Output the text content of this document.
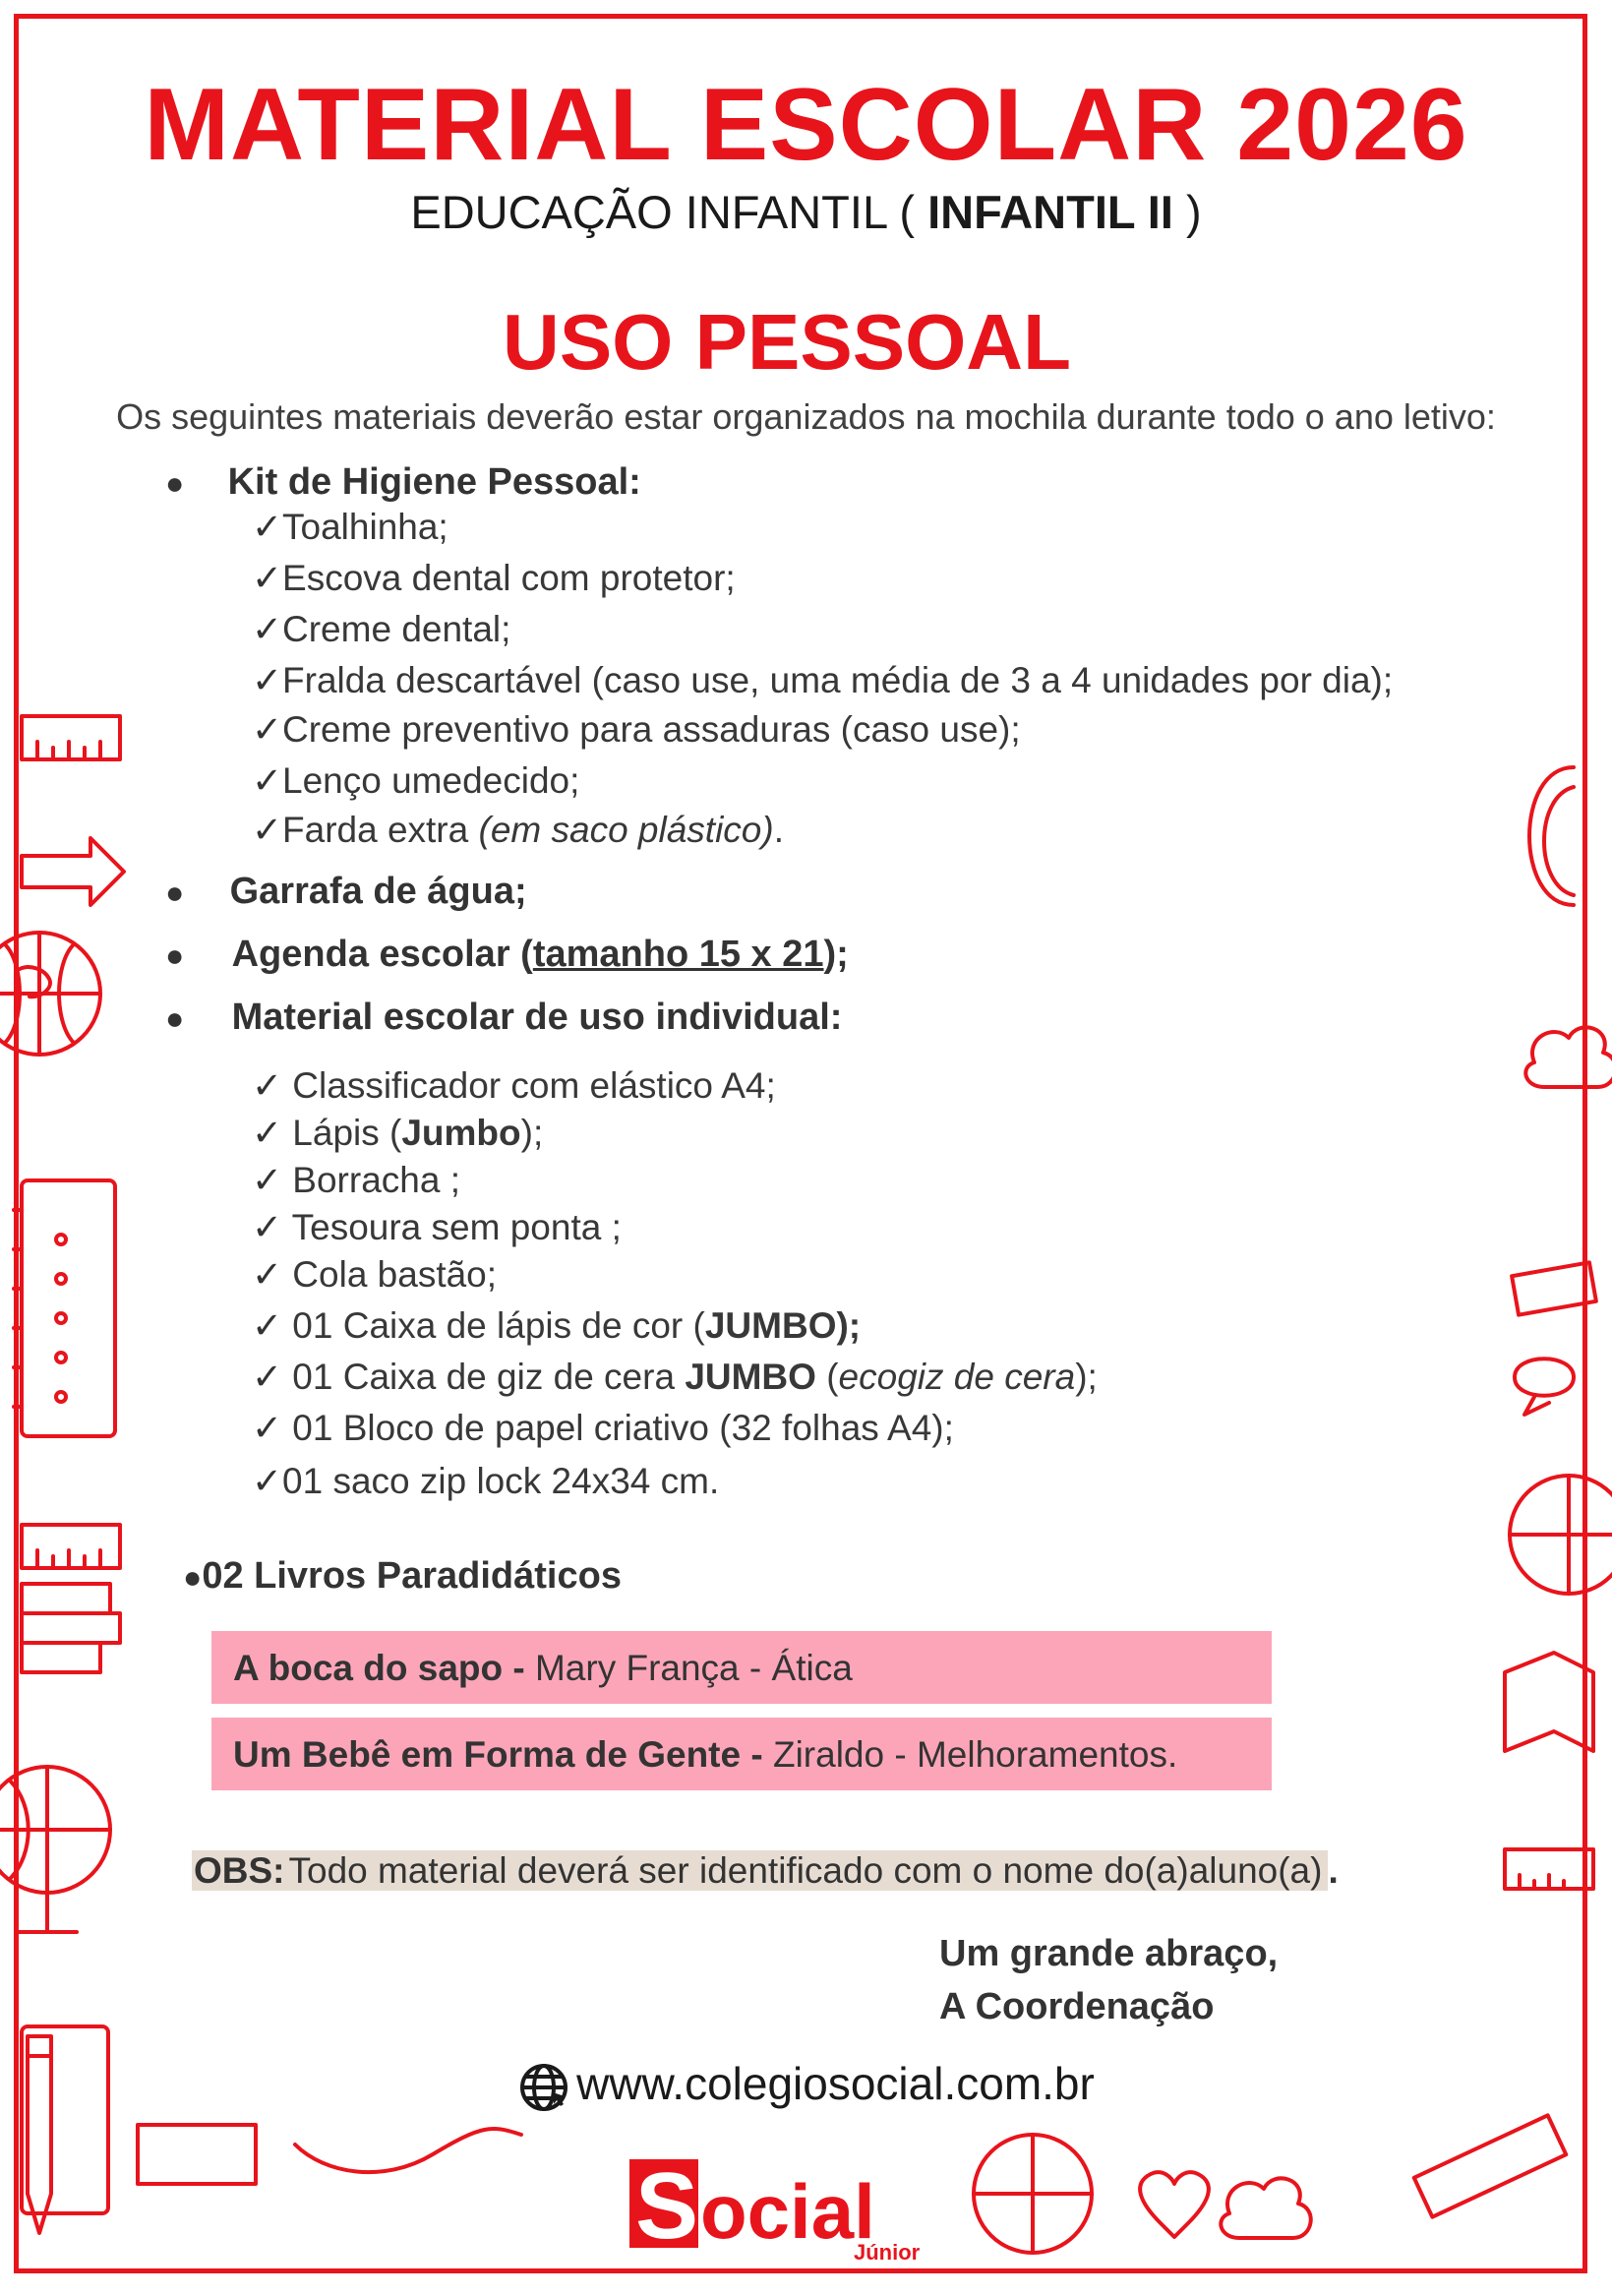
MATERIAL ESCOLAR 2026
EDUCAÇÃO INFANTIL ( INFANTIL II )
USO PESSOAL
Os seguintes materiais deverão estar organizados na mochila durante todo o ano letivo:
● Kit de Higiene Pessoal:
✓Toalhinha;
✓Escova dental com protetor;
✓Creme dental;
✓Fralda descartável (caso use, uma média de 3 a 4 unidades por dia);
✓Creme preventivo para assaduras (caso use);
✓Lenço umedecido;
✓Farda extra (em saco plástico).
● Garrafa de água;
● Agenda escolar (tamanho 15 x 21);
● Material escolar de uso individual:
✓ Classificador com elástico A4;
✓ Lápis (Jumbo);
✓ Borracha ;
✓ Tesoura sem ponta ;
✓ Cola bastão;
✓ 01 Caixa de lápis de cor (JUMBO);
✓ 01 Caixa de giz de cera JUMBO (ecogiz de cera);
✓ 01 Bloco de papel criativo (32 folhas A4);
✓01 saco zip lock 24x34 cm.
●02 Livros Paradidáticos
A boca do sapo - Mary França - Ática
Um Bebê em Forma de Gente - Ziraldo - Melhoramentos.
OBS: Todo material deverá ser identificado com o nome do(a)aluno(a) .
Um grande abraço,
A Coordenação
www.colegiosocial.com.br
S ocial
Júnior
